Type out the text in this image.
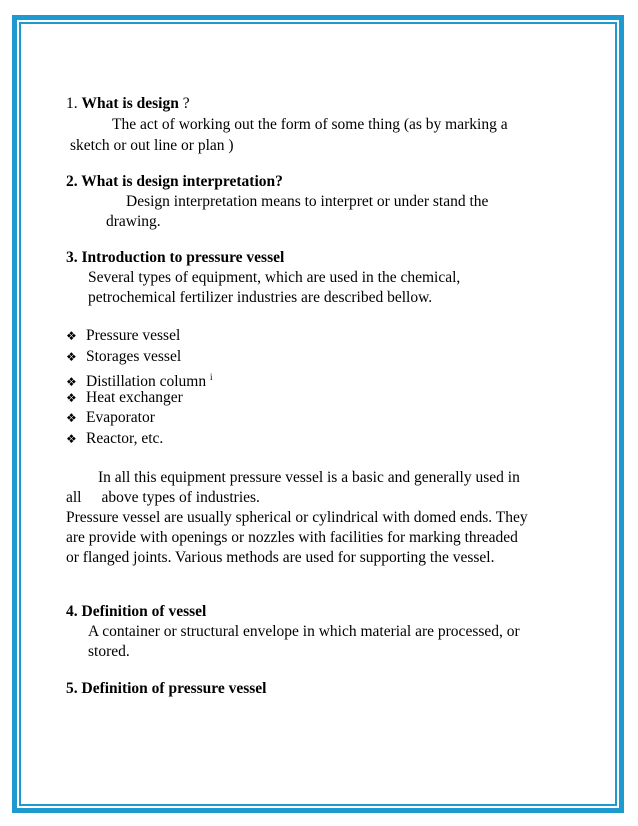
1. What is design ?
The act of working out the form of some thing (as by marking a
sketch or out line or plan )
2. What is design interpretation?
Design interpretation means to interpret or under stand the
drawing.
3. Introduction to pressure vessel
Several types of equipment, which are used in the chemical,
petrochemical fertilizer industries are described bellow.
❖ Pressure vessel
❖ Storages vessel
❖ Distillation column $^i$
❖ Heat exchanger
❖ Evaporator
❖ Reactor, etc.
In all this equipment pressure vessel is a basic and generally used in
all above types of industries.
Pressure vessel are usually spherical or cylindrical with domed ends. They
are provide with openings or nozzles with facilities for marking threaded
or flanged joints. Various methods are used for supporting the vessel.
4. Definition of vessel
A container or structural envelope in which material are processed, or
stored.
5. Definition of pressure vessel
